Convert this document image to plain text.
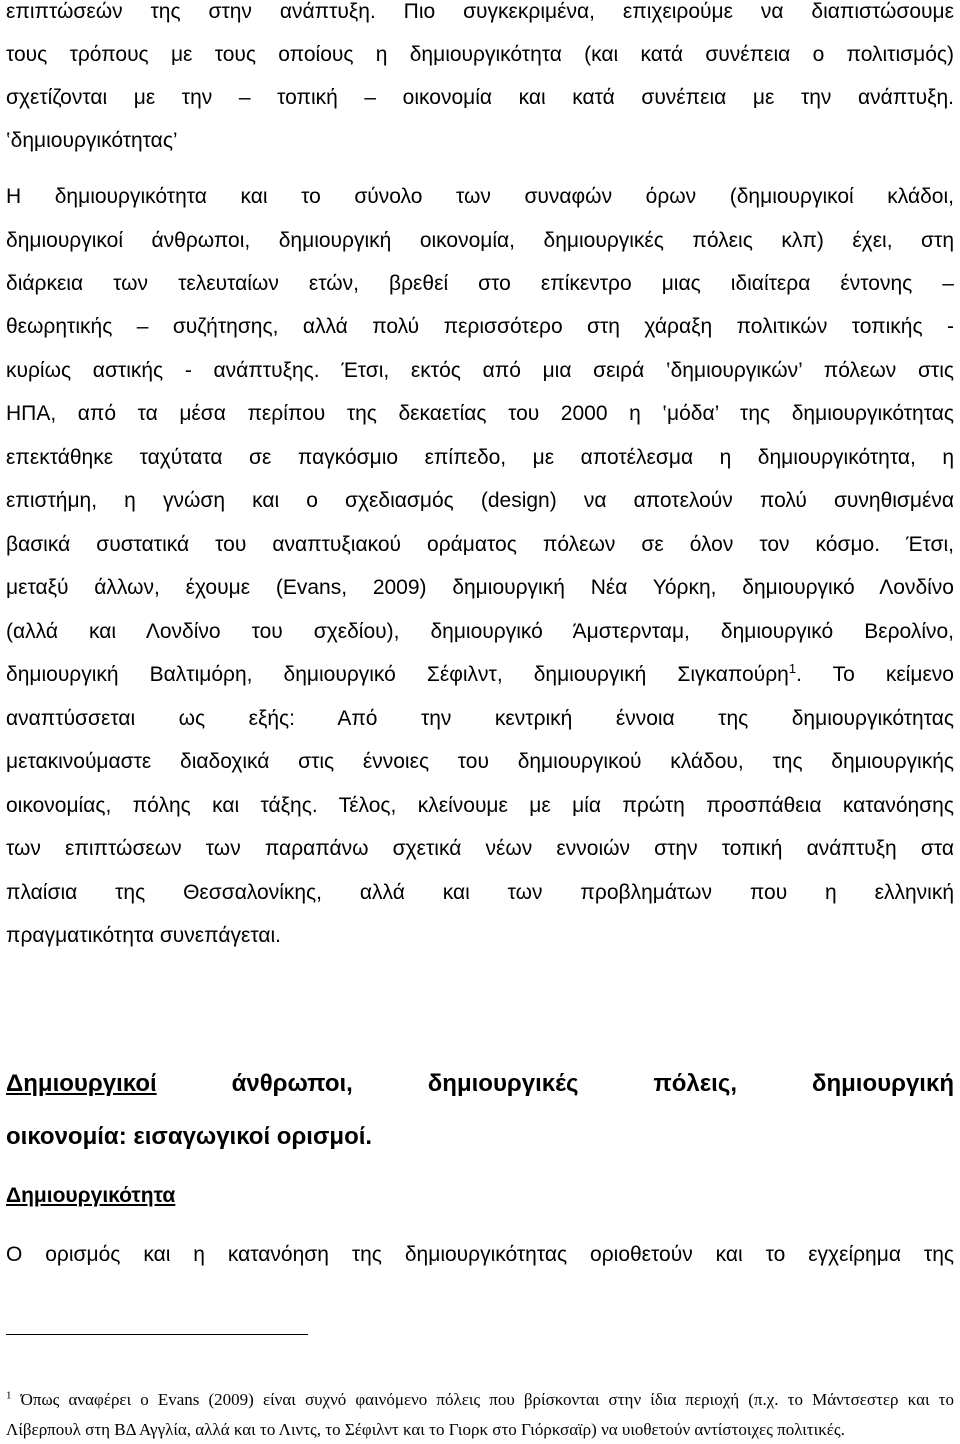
επιπτώσεών της στην ανάπτυξη. Πιο συγκεκριμένα, επιχειρούμε να διαπιστώσουμε
τους τρόπους με τους οποίους η δημιουργικότητα (και κατά συνέπεια ο πολιτισμός)
σχετίζονται με την – τοπική – οικονομία και κατά συνέπεια με την ανάπτυξη.
‛δημιουργικότητας’
Η δημιουργικότητα και το σύνολο των συναφών όρων (δημιουργικοί κλάδοι,
δημιουργικοί άνθρωποι, δημιουργική οικονομία, δημιουργικές πόλεις κλπ) έχει, στη
διάρκεια των τελευταίων ετών, βρεθεί στο επίκεντρο μιας ιδιαίτερα έντονης –
θεωρητικής – συζήτησης, αλλά πολύ περισσότερο στη χάραξη πολιτικών τοπικής -
κυρίως αστικής - ανάπτυξης. Έτσι, εκτός από μια σειρά ‛δημιουργικών’ πόλεων στις
ΗΠΑ, από τα μέσα περίπου της δεκαετίας του 2000 η ‛μόδα’ της δημιουργικότητας
επεκτάθηκε ταχύτατα σε παγκόσμιο επίπεδο, με αποτέλεσμα η δημιουργικότητα, η
επιστήμη, η γνώση και ο σχεδιασμός (design) να αποτελούν πολύ συνηθισμένα
βασικά συστατικά του αναπτυξιακού οράματος πόλεων σε όλον τον κόσμο. Έτσι,
μεταξύ άλλων, έχουμε (Evans, 2009) δημιουργική Νέα Υόρκη, δημιουργικό Λονδίνο
(αλλά και Λονδίνο του σχεδίου), δημιουργικό Άμστερνταμ, δημιουργικό Βερολίνο,
δημιουργική Βαλτιμόρη, δημιουργικό Σέφιλντ, δημιουργική Σιγκαπούρη$^1$. Το κείμενο
αναπτύσσεται ως εξής: Από την κεντρική έννοια της δημιουργικότητας
μετακινούμαστε διαδοχικά στις έννοιες του δημιουργικού κλάδου, της δημιουργικής
οικονομίας, πόλης και τάξης. Τέλος, κλείνουμε με μία πρώτη προσπάθεια κατανόησης
των επιπτώσεων των παραπάνω σχετικά νέων εννοιών στην τοπική ανάπτυξη στα
πλαίσια της Θεσσαλονίκης, αλλά και των προβλημάτων που η ελληνική
πραγματικότητα συνεπάγεται.
Δημιουργικοί άνθρωποι, δημιουργικές πόλεις, δημιουργική
οικονομία: εισαγωγικοί ορισμοί.
Δημιουργικότητα
Ο ορισμός και η κατανόηση της δημιουργικότητας οριοθετούν και το εγχείρημα της
$^1$ Όπως αναφέρει ο Evans (2009) είναι συχνό φαινόμενο πόλεις που βρίσκονται στην ίδια περιοχή (π.χ. το Μάντσεστερ και το
Λίβερπουλ στη ΒΔ Αγγλία, αλλά και το Λιντς, το Σέφιλντ και το Γιορκ στο Γιόρκσαϊρ) να υιοθετούν αντίστοιχες πολιτικές.
